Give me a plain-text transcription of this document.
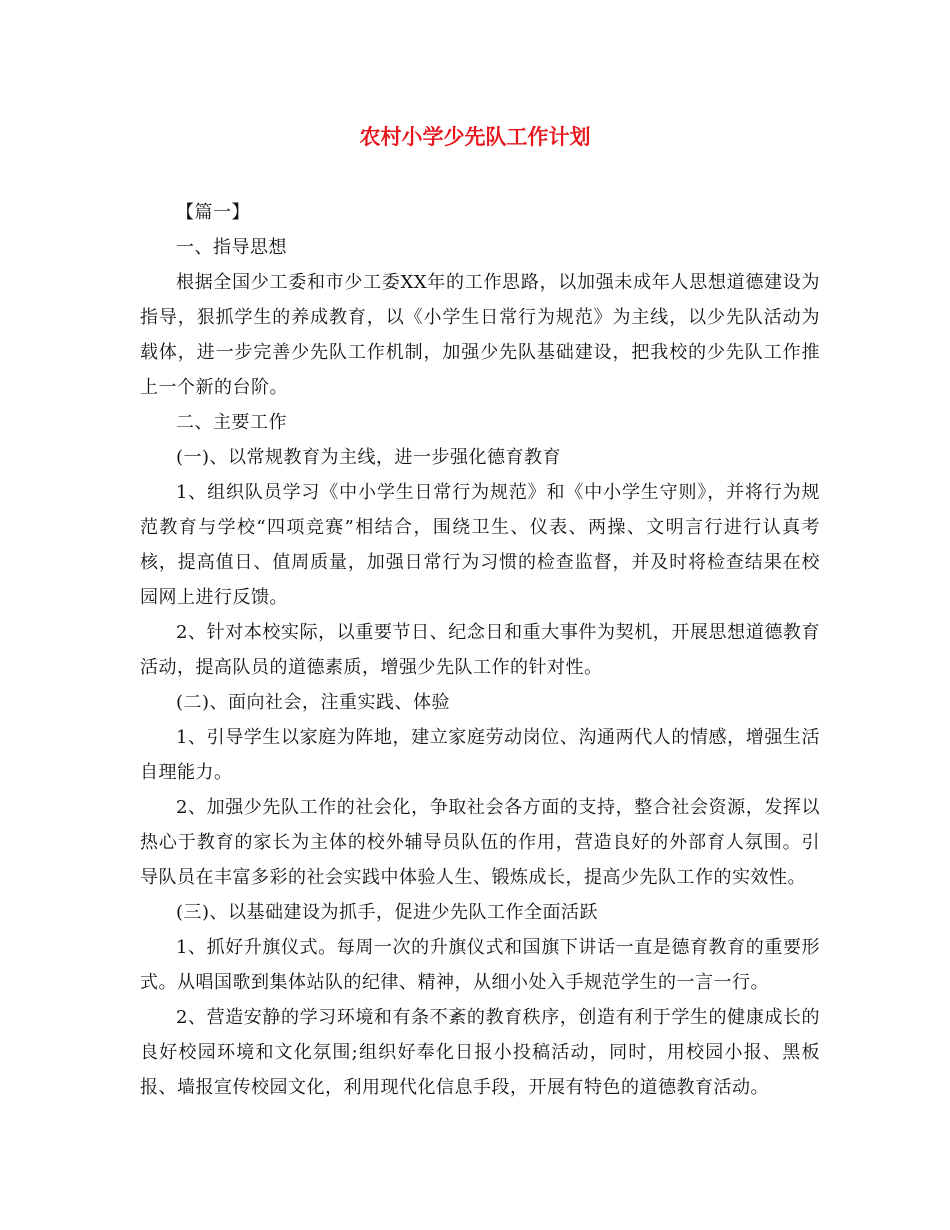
农村小学少先队工作计划

【篇一】

一、指导思想

根据全国少工委和市少工委XX年的工作思路，以加强未成年人思想道德建设为指导，狠抓学生的养成教育，以《小学生日常行为规范》为主线，以少先队活动为载体，进一步完善少先队工作机制，加强少先队基础建设，把我校的少先队工作推上一个新的台阶。

二、主要工作

(一)、以常规教育为主线，进一步强化德育教育

1、组织队员学习《中小学生日常行为规范》和《中小学生守则》，并将行为规范教育与学校“四项竞赛”相结合，围绕卫生、仪表、两操、文明言行进行认真考核，提高值日、值周质量，加强日常行为习惯的检查监督，并及时将检查结果在校园网上进行反馈。

2、针对本校实际，以重要节日、纪念日和重大事件为契机，开展思想道德教育活动，提高队员的道德素质，增强少先队工作的针对性。

(二)、面向社会，注重实践、体验

1、引导学生以家庭为阵地，建立家庭劳动岗位、沟通两代人的情感，增强生活自理能力。

2、加强少先队工作的社会化，争取社会各方面的支持，整合社会资源，发挥以热心于教育的家长为主体的校外辅导员队伍的作用，营造良好的外部育人氛围。引导队员在丰富多彩的社会实践中体验人生、锻炼成长，提高少先队工作的实效性。

(三)、以基础建设为抓手，促进少先队工作全面活跃

1、抓好升旗仪式。每周一次的升旗仪式和国旗下讲话一直是德育教育的重要形式。从唱国歌到集体站队的纪律、精神，从细小处入手规范学生的一言一行。

2、营造安静的学习环境和有条不紊的教育秩序，创造有利于学生的健康成长的良好校园环境和文化氛围;组织好奉化日报小投稿活动，同时，用校园小报、黑板报、墙报宣传校园文化，利用现代化信息手段，开展有特色的道德教育活动。
